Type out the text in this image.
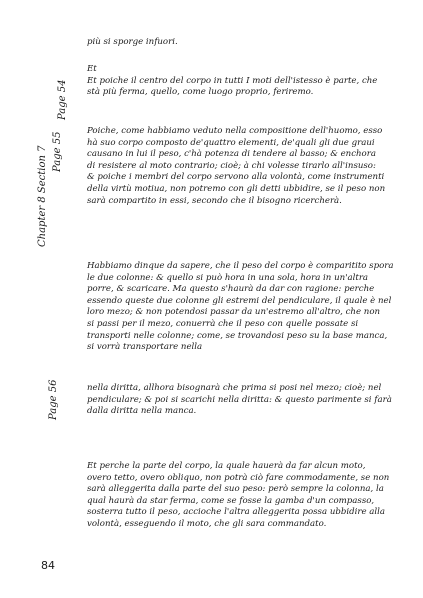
più si sporge infuori.
Et
Et poiche il centro del corpo in tutti I moti dell'istesso è parte, che
stà più ferma, quello, come luogo proprio, feriremo.
Poiche, come habbiamo veduto nella compositione dell'huomo, esso
hà suo corpo composto de'quattro elementi, de'quali gli due graui
causano in lui il peso, c'hà potenza di tendere al basso; & enchora
di resistere al moto contrario; cioè; à chi volesse tirarlo all'insuso:
& poiche i membri del corpo servono alla volontà, come instrumenti
della virtù motiua, non potremo con gli detti ubbidire, se il peso non
sarà compartito in essi, secondo che il bisogno ricercherà.
Habbiamo dinque da sapere, che il peso del corpo è comparitito spora
le due colonne: & quello si può hora in una sola, hora in un'altra
porre, & scaricare. Ma questo s'haurà da dar con ragione: perche
essendo queste due colonne gli estremi del pendiculare, il quale è nel
loro mezo; & non potendosi passar da un'estremo all'altro, che non
si passi per il mezo, conuerrà che il peso con quelle possate si
transporti nelle colonne; come, se trovandosi peso su la base manca,
si vorrà transportare nella
nella diritta, allhora bisognarà che prima si posi nel mezo; cioè; nel
pendiculare; & poi si scarichi nella diritta: & questo parimente si farà
dalla diritta nella manca.
Et perche la parte del corpo, la quale hauerà da far alcun moto,
overo tetto, overo obliquo, non potrà ciò fare commodamente, se non
sarà alleggerita dalla parte del suo peso: però sempre la colonna, la
qual haurà da star ferma, come se fosse la gamba d'un compasso,
sosterra tutto il peso, accioche l'altra alleggerita possa ubbidire alla
volontà, esseguendo il moto, che gli sara commandato.
Page 54
Chapter 8 Section 7 Page 55
Page 56
84
